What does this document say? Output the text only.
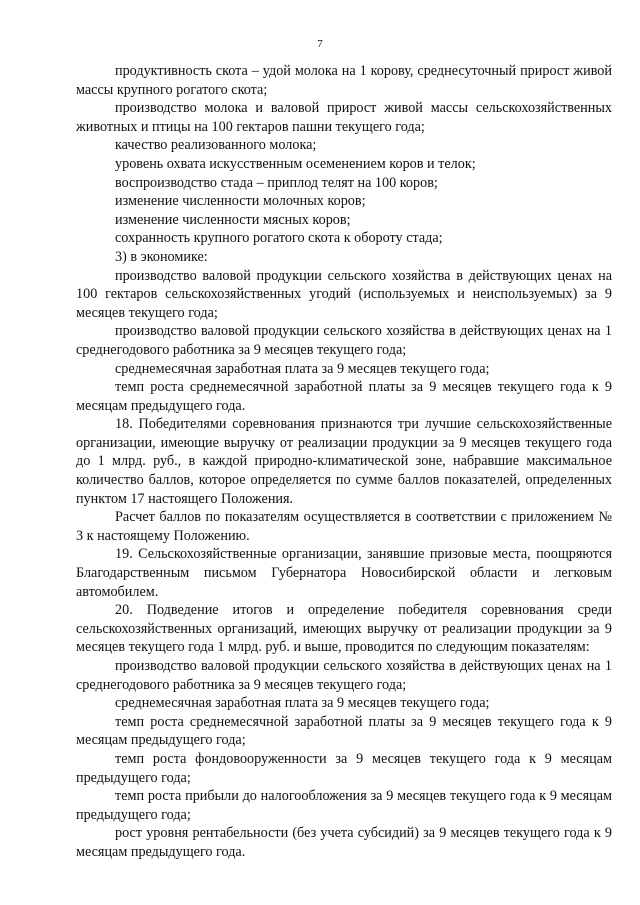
7

продуктивность скота – удой молока на 1 корову, среднесуточный прирост живой массы крупного рогатого скота;

производство молока и валовой прирост живой массы сельскохозяйственных животных и птицы на 100 гектаров пашни текущего года;

качество реализованного молока;

уровень охвата искусственным осеменением коров и телок;

воспроизводство стада – приплод телят на 100 коров;

изменение численности молочных коров;

изменение численности мясных коров;

сохранность крупного рогатого скота к обороту стада;

3) в экономике:

производство валовой продукции сельского хозяйства в действующих ценах на 100 гектаров сельскохозяйственных угодий (используемых и неиспользуемых) за 9 месяцев текущего года;

производство валовой продукции сельского хозяйства в действующих ценах на 1 среднегодового работника за 9 месяцев текущего года;

среднемесячная заработная плата за 9 месяцев текущего года;

темп роста среднемесячной заработной платы за 9 месяцев текущего года к 9 месяцам предыдущего года.

18. Победителями соревнования признаются три лучшие сельскохозяйственные организации, имеющие выручку от реализации продукции за 9 месяцев текущего года до 1 млрд. руб., в каждой природно-климатической зоне, набравшие максимальное количество баллов, которое определяется по сумме баллов показателей, определенных пунктом 17 настоящего Положения.

Расчет баллов по показателям осуществляется в соответствии с приложением № 3 к настоящему Положению.

19. Сельскохозяйственные организации, занявшие призовые места, поощряются Благодарственным письмом Губернатора Новосибирской области и легковым автомобилем.

20. Подведение итогов и определение победителя соревнования среди сельскохозяйственных организаций, имеющих выручку от реализации продукции за 9 месяцев текущего года 1 млрд. руб. и выше, проводится по следующим показателям:

производство валовой продукции сельского хозяйства в действующих ценах на 1 среднегодового работника за 9 месяцев текущего года;

среднемесячная заработная плата за 9 месяцев текущего года;

темп роста среднемесячной заработной платы за 9 месяцев текущего года к 9 месяцам предыдущего года;

темп роста фондовооруженности за 9 месяцев текущего года к 9 месяцам предыдущего года;

темп роста прибыли до налогообложения за 9 месяцев текущего года к 9 месяцам предыдущего года;

рост уровня рентабельности (без учета субсидий) за 9 месяцев текущего года к 9 месяцам предыдущего года.
